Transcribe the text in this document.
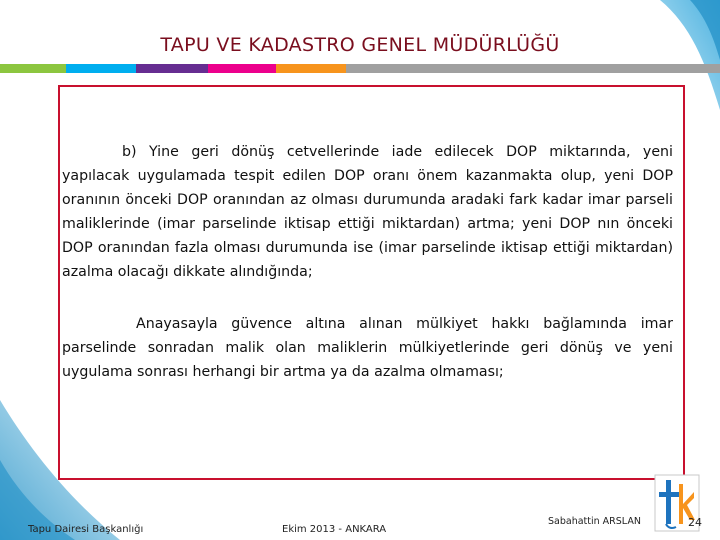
TAPU VE KADASTRO GENEL MÜDÜRLÜĞÜ

b) Yine geri dönüş cetvellerinde iade edilecek DOP miktarında, yeni yapılacak uygulamada tespit edilen DOP oranı önem kazanmakta olup, yeni DOP oranının önceki DOP oranından az olması durumunda aradaki fark kadar imar parseli maliklerinde (imar parselinde iktisap ettiği miktardan) artma; yeni DOP nın önceki DOP oranından fazla olması durumunda ise (imar parselinde iktisap ettiği miktardan) azalma olacağı dikkate alındığında;

Anayasayla güvence altına alınan mülkiyet hakkı bağlamında imar parselinde sonradan malik olan maliklerin mülkiyetlerinde geri dönüş ve yeni uygulama sonrası herhangi bir artma ya da azalma olmaması;

Tapu Dairesi Başkanlığı	Ekim 2013 - ANKARA
Sabahattin ARSLAN	24
